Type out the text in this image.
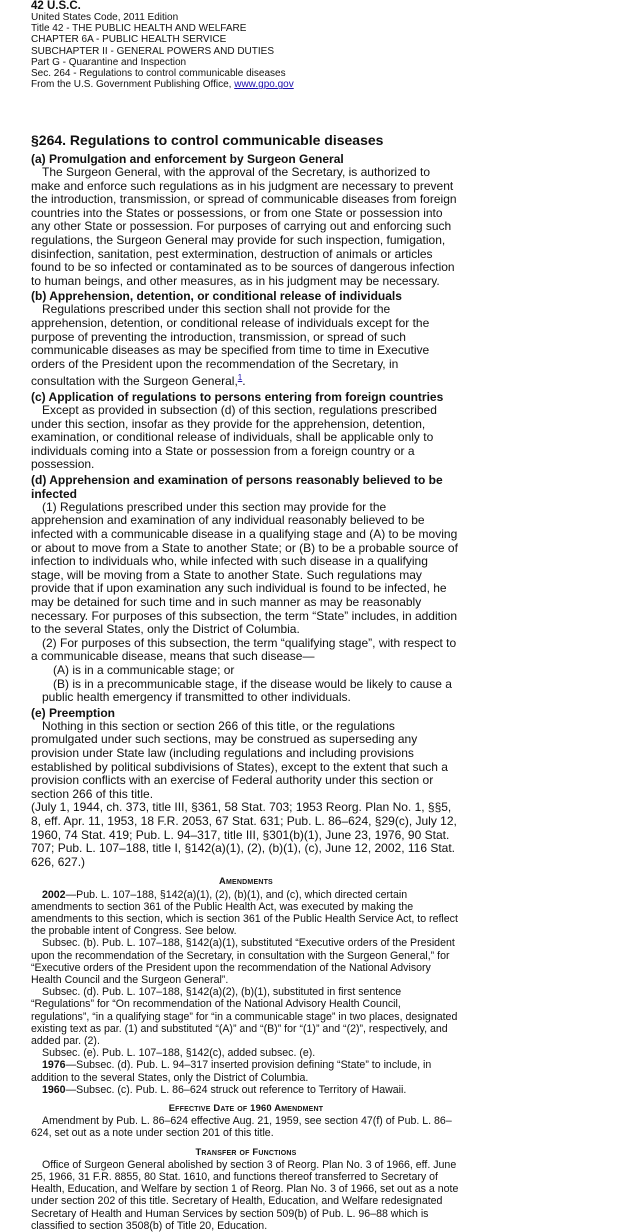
42 U.S.C.
United States Code, 2011 Edition
Title 42 - THE PUBLIC HEALTH AND WELFARE
CHAPTER 6A - PUBLIC HEALTH SERVICE
SUBCHAPTER II - GENERAL POWERS AND DUTIES
Part G - Quarantine and Inspection
Sec. 264 - Regulations to control communicable diseases
From the U.S. Government Publishing Office, www.gpo.gov
§264. Regulations to control communicable diseases
(a) Promulgation and enforcement by Surgeon General

The Surgeon General, with the approval of the Secretary, is authorized to make and enforce such regulations as in his judgment are necessary to prevent the introduction, transmission, or spread of communicable diseases from foreign countries into the States or possessions, or from one State or possession into any other State or possession. For purposes of carrying out and enforcing such regulations, the Surgeon General may provide for such inspection, fumigation, disinfection, sanitation, pest extermination, destruction of animals or articles found to be so infected or contaminated as to be sources of dangerous infection to human beings, and other measures, as in his judgment may be necessary.

(b) Apprehension, detention, or conditional release of individuals

Regulations prescribed under this section shall not provide for the apprehension, detention, or conditional release of individuals except for the purpose of preventing the introduction, transmission, or spread of such communicable diseases as may be specified from time to time in Executive orders of the President upon the recommendation of the Secretary, in consultation with the Surgeon General,$^1$.

(c) Application of regulations to persons entering from foreign countries

Except as provided in subsection (d) of this section, regulations prescribed under this section, insofar as they provide for the apprehension, detention, examination, or conditional release of individuals, shall be applicable only to individuals coming into a State or possession from a foreign country or a possession.

(d) Apprehension and examination of persons reasonably believed to be infected

(1) Regulations prescribed under this section may provide for the apprehension and examination of any individual reasonably believed to be infected with a communicable disease in a qualifying stage and (A) to be moving or about to move from a State to another State; or (B) to be a probable source of infection to individuals who, while infected with such disease in a qualifying stage, will be moving from a State to another State. Such regulations may provide that if upon examination any such individual is found to be infected, he may be detained for such time and in such manner as may be reasonably necessary. For purposes of this subsection, the term “State” includes, in addition to the several States, only the District of Columbia.

(2) For purposes of this subsection, the term “qualifying stage”, with respect to a communicable disease, means that such disease—

(A) is in a communicable stage; or

(B) is in a precommunicable stage, if the disease would be likely to cause a public health emergency if transmitted to other individuals.

(e) Preemption

Nothing in this section or section 266 of this title, or the regulations promulgated under such sections, may be construed as superseding any provision under State law (including regulations and including provisions established by political subdivisions of States), except to the extent that such a provision conflicts with an exercise of Federal authority under this section or section 266 of this title.

(July 1, 1944, ch. 373, title III, §361, 58 Stat. 703; 1953 Reorg. Plan No. 1, §§5, 8, eff. Apr. 11, 1953, 18 F.R. 2053, 67 Stat. 631; Pub. L. 86–624, §29(c), July 12, 1960, 74 Stat. 419; Pub. L. 94–317, title III, §301(b)(1), June 23, 1976, 90 Stat. 707; Pub. L. 107–188, title I, §142(a)(1), (2), (b)(1), (c), June 12, 2002, 116 Stat. 626, 627.)

Amendments

2002—Pub. L. 107–188, §142(a)(1), (2), (b)(1), and (c), which directed certain amendments to section 361 of the Public Health Act, was executed by making the amendments to this section, which is section 361 of the Public Health Service Act, to reflect the probable intent of Congress. See below.

Subsec. (b). Pub. L. 107–188, §142(a)(1), substituted “Executive orders of the President upon the recommendation of the Secretary, in consultation with the Surgeon General,” for “Executive orders of the President upon the recommendation of the National Advisory Health Council and the Surgeon General”.

Subsec. (d). Pub. L. 107–188, §142(a)(2), (b)(1), substituted in first sentence “Regulations” for “On recommendation of the National Advisory Health Council, regulations”, “in a qualifying stage” for “in a communicable stage” in two places, designated existing text as par. (1) and substituted “(A)” and “(B)” for “(1)” and “(2)”, respectively, and added par. (2).

Subsec. (e). Pub. L. 107–188, §142(c), added subsec. (e).

1976—Subsec. (d). Pub. L. 94–317 inserted provision defining “State” to include, in addition to the several States, only the District of Columbia.

1960—Subsec. (c). Pub. L. 86–624 struck out reference to Territory of Hawaii.

Effective Date of 1960 Amendment

Amendment by Pub. L. 86–624 effective Aug. 21, 1959, see section 47(f) of Pub. L. 86–624, set out as a note under section 201 of this title.

Transfer of Functions

Office of Surgeon General abolished by section 3 of Reorg. Plan No. 3 of 1966, eff. June 25, 1966, 31 F.R. 8855, 80 Stat. 1610, and functions thereof transferred to Secretary of Health, Education, and Welfare by section 1 of Reorg. Plan No. 3 of 1966, set out as a note under section 202 of this title. Secretary of Health, Education, and Welfare redesignated Secretary of Health and Human Services by section 509(b) of Pub. L. 96–88 which is classified to section 3508(b) of Title 20, Education.
